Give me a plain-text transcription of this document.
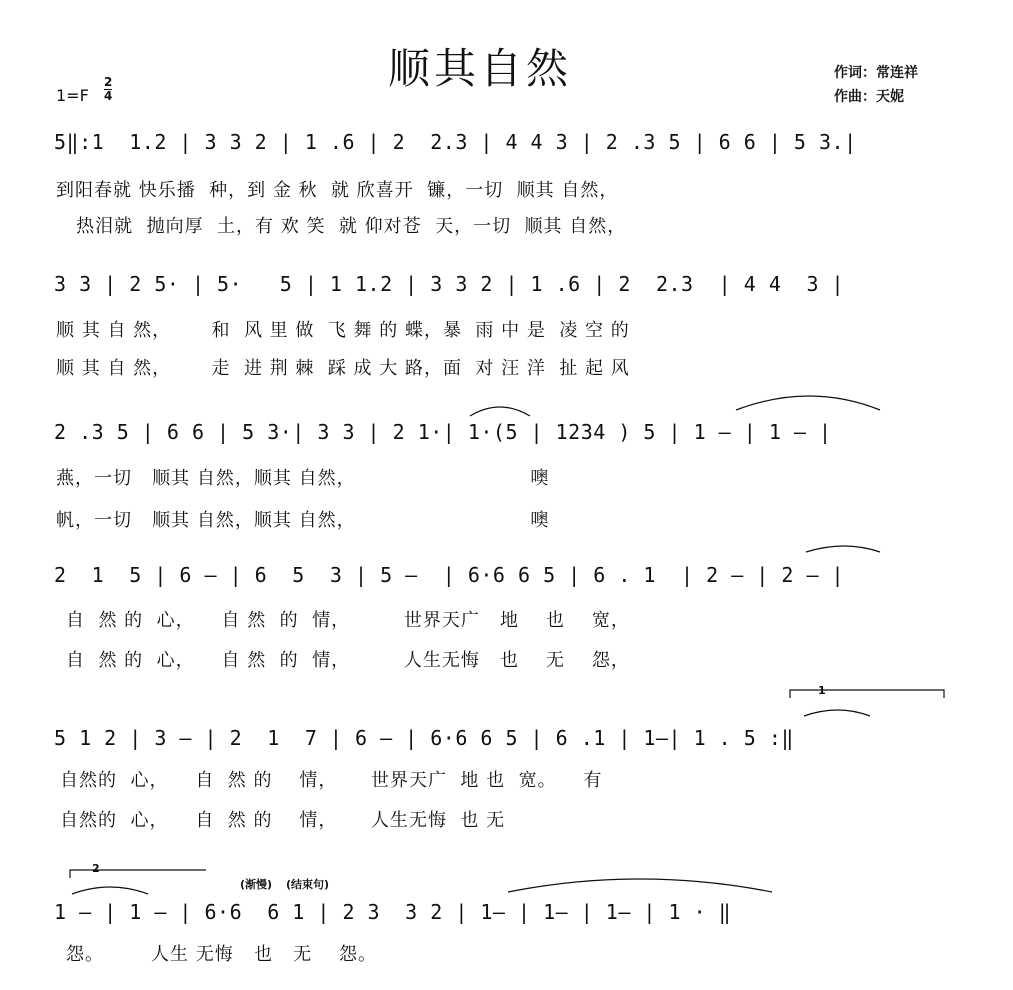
顺其自然	作词：常连祥
作曲：天妮
1=F
2
4
5‖:1  1.2 | 3 3 2 | 1 .6 | 2  2.3 | 4 4 3 | 2 .3 5 | 6 6 | 5 3.|
到阳春就 快乐播  种，到 金 秋  就 欣喜开  镰，一切  顺其 自然，
热泪就  抛向厚  土，有 欢 笑  就 仰对苍  天，一切  顺其 自然，
3 3 | 2 5· | 5·   5 | 1 1.2 | 3 3 2 | 1 .6 | 2  2.3  | 4 4  3 |
顺 其 自 然，      和  风 里 做  飞 舞 的 蝶，暴  雨 中 是  凌 空 的
顺 其 自 然，      走  进 荆 棘  踩 成 大 路，面  对 汪 洋  扯 起 风
2 .3 5 | 6 6 | 5 3·| 3 3 | 2 1·| 1·(5 | 1234 ) 5 | 1 — | 1 — |
燕，一切   顺其 自然，顺其 自然，                          噢
帆，一切   顺其 自然，顺其 自然，                          噢
2  1  5 | 6 — | 6  5  3 | 5 —  | 6·6 6 5 | 6 . 1  | 2 — | 2 — |
自  然 的  心，    自 然  的  情，        世界天广   地    也    宽，
自  然 的  心，    自 然  的  情，        人生无悔   也    无    怨，
1
5 1 2 | 3 — | 2  1  7 | 6 — | 6·6 6 5 | 6 .1 | 1—| 1 . 5 :‖
自然的  心，    自  然 的    情，     世界天广  地 也  宽。    有
自然的  心，    自  然 的    情，     人生无悔  也 无
2
(渐慢) (结束句)
1 — | 1 — | 6·6  6 1 | 2 3  3 2 | 1— | 1— | 1— | 1 · ‖
怨。       人生 无悔   也   无    怨。
